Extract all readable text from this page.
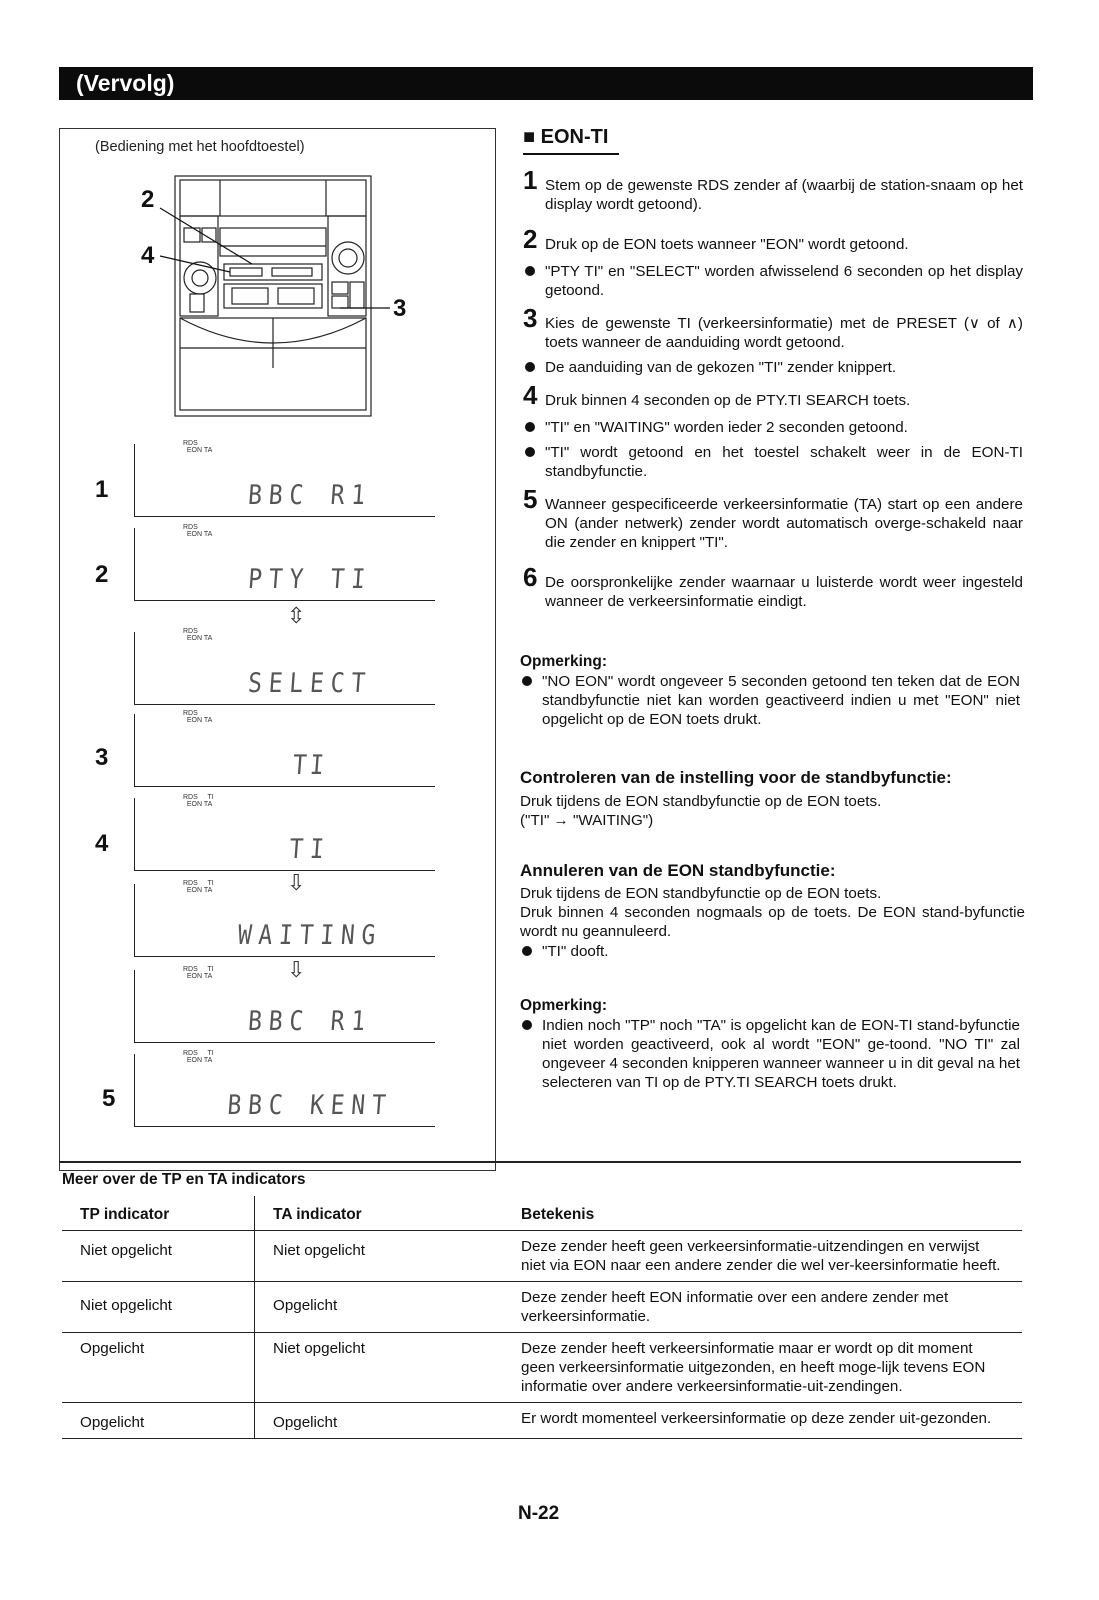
(Vervolg)
(Bediening met het hoofdtoestel)
2
4
3
1
RDS
EON TA
BBC R1
2
RDS
EON TA
PTY TI
⇳
RDS
EON TA
SELECT
3
RDS
EON TA
TI
4
RDS TI
EON TA
TI
⇩
RDS TI
EON TA
WAITING
⇩
RDS TI
EON TA
BBC R1
5
RDS TI
EON TA
BBC KENT
■ EON-TI
1 Stem op de gewenste RDS zender af (waarbij de station-snaam op het display wordt getoond).
2 Druk op de EON toets wanneer "EON" wordt getoond.
"PTY TI" en "SELECT" worden afwisselend 6 seconden op het display getoond.
3 Kies de gewenste TI (verkeersinformatie) met de PRESET (∨ of ∧) toets wanneer de aanduiding wordt getoond.
De aanduiding van de gekozen "TI" zender knippert.
4 Druk binnen 4 seconden op de PTY.TI SEARCH toets.
"TI" en "WAITING" worden ieder 2 seconden getoond.
"TI" wordt getoond en het toestel schakelt weer in de EON-TI standbyfunctie.
5 Wanneer gespecificeerde verkeersinformatie (TA) start op een andere ON (ander netwerk) zender wordt automatisch overge-schakeld naar die zender en knippert "TI".
6 De oorspronkelijke zender waarnaar u luisterde wordt weer ingesteld wanneer de verkeersinformatie eindigt.
Opmerking:
"NO EON" wordt ongeveer 5 seconden getoond ten teken dat de EON standbyfunctie niet kan worden geactiveerd indien u met "EON" niet opgelicht op de EON toets drukt.
Controleren van de instelling voor de standbyfunctie:
Druk tijdens de EON standbyfunctie op de EON toets.
("TI" → "WAITING")
Annuleren van de EON standbyfunctie:
Druk tijdens de EON standbyfunctie op de EON toets.
Druk binnen 4 seconden nogmaals op de toets. De EON stand-byfunctie wordt nu geannuleerd.
"TI" dooft.
Opmerking:
Indien noch "TP" noch "TA" is opgelicht kan de EON-TI stand-byfunctie niet worden geactiveerd, ook al wordt "EON" ge-toond. "NO TI" zal ongeveer 4 seconden knipperen wanneer wanneer u in dit geval na het selecteren van TI op de PTY.TI SEARCH toets drukt.
Meer over de TP en TA indicators
TP indicator	TA indicator	Betekenis
Niet opgelicht	Niet opgelicht	Deze zender heeft geen verkeersinformatie-uitzendingen en verwijst niet via EON naar een andere zender die wel ver-keersinformatie heeft.
Niet opgelicht	Opgelicht	Deze zender heeft EON informatie over een andere zender met verkeersinformatie.
Opgelicht	Niet opgelicht	Deze zender heeft verkeersinformatie maar er wordt op dit moment geen verkeersinformatie uitgezonden, en heeft moge-lijk tevens EON informatie over andere verkeersinformatie-uit-zendingen.
Opgelicht	Opgelicht	Er wordt momenteel verkeersinformatie op deze zender uit-gezonden.
N-22
